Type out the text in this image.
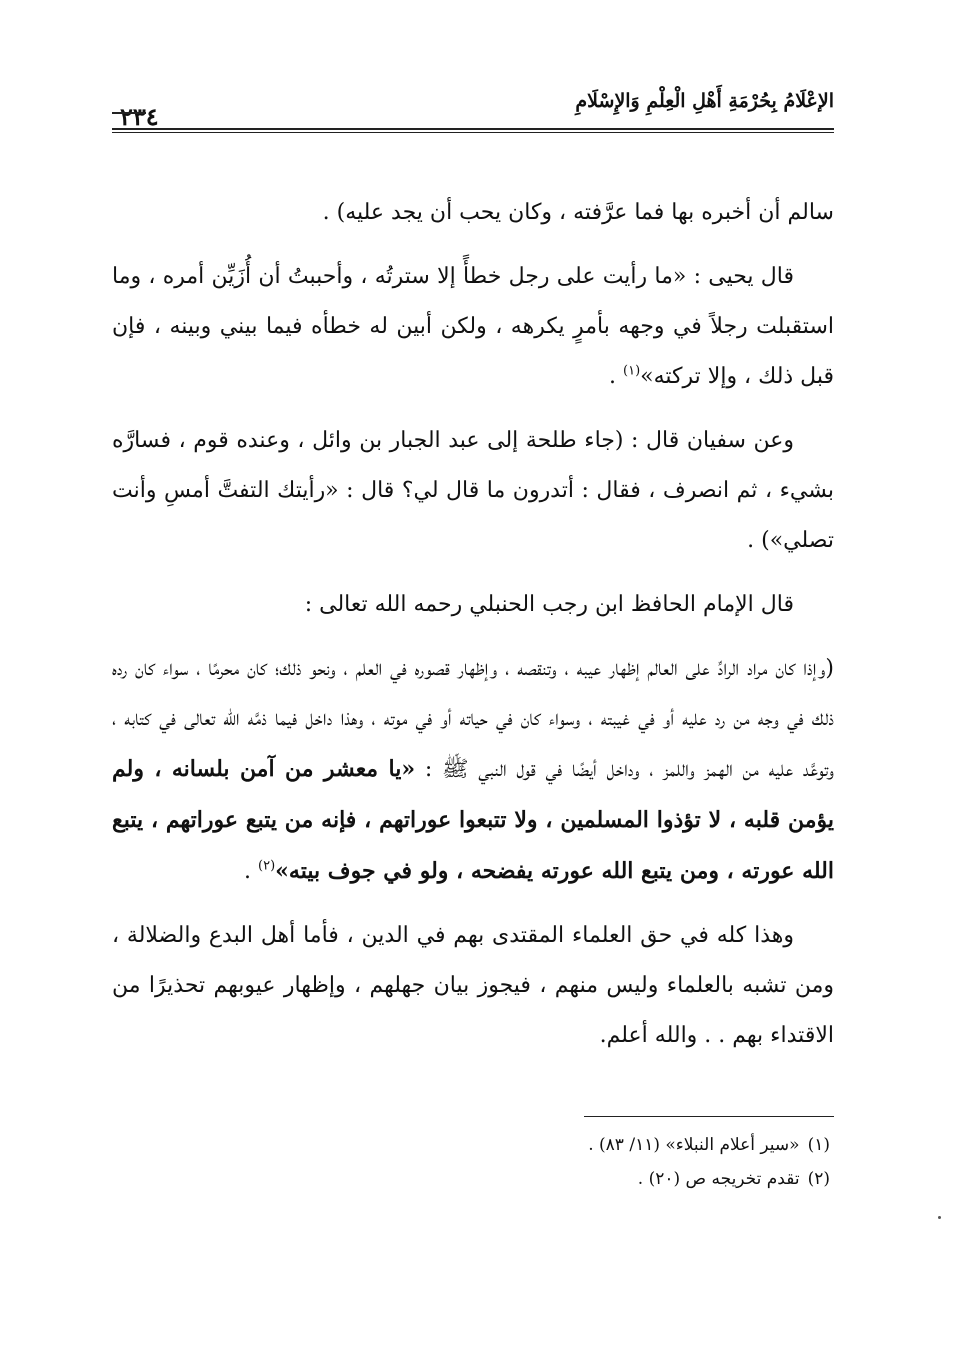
الإعْلَامُ بِحُرْمَةِ أَهْلِ الْعِلْمِ وَالإِسْلَامِ
٢٣٤

سالم أن أخبره بها فما عرَّفته ، وكان يحب أن يجد عليه) .

قال يحيى : «ما رأيت على رجل خطأً إلا سترتُه ، وأحببتُ أن أُزَيِّن أمره ، وما استقبلت رجلاً في وجهه بأمرٍ يكرهه ، ولكن أبين له خطأه فيما بيني وبينه ، فإن قبل ذلك ، وإلا تركته»$^{(١)}$ .

وعن سفيان قال : (جاء طلحة إلى عبد الجبار بن وائل ، وعنده قوم ، فسارَّه بشيء ، ثم انصرف ، فقال : أتدرون ما قال لي؟ قال : «رأيتك التفتَّ أمسِ وأنت تصلي») .

قال الإمام الحافظ ابن رجب الحنبلي رحمه الله تعالى :

(وإذا كان مراد الرادِّ على العالم إظهار عيبه ، وتنقصه ، وإظهار قصوره في العلم ، ونحو ذلك؛ كان محرمًا ، سواء كان رده ذلك في وجه من رد عليه أو في غيبته ، وسواء كان في حياته أو في موته ، وهذا داخل فيما ذمَّه الله تعالى في كتابه ، وتوعَّد عليه من الهمز واللمز ، وداخل أيضًا في قول النبي ﷺ : «يا معشر من آمن بلسانه ، ولم يؤمن قلبه ، لا تؤذوا المسلمين ، ولا تتبعوا عوراتهم ، فإنه من يتبع عوراتهم ، يتبع الله عورته ، ومن يتبع الله عورته يفضحه ، ولو في جوف بيته»$^{(٢)}$ .

وهذا كله في حق العلماء المقتدى بهم في الدين ، فأما أهل البدع والضلالة ، ومن تشبه بالعلماء وليس منهم ، فيجوز بيان جهلهم ، وإظهار عيوبهم تحذيرًا من الاقتداء بهم . . والله أعلم.

(١)«سير أعلام النبلاء» (١١/ ٨٣) .

(٢)تقدم تخريجه ص (٢٠) .
